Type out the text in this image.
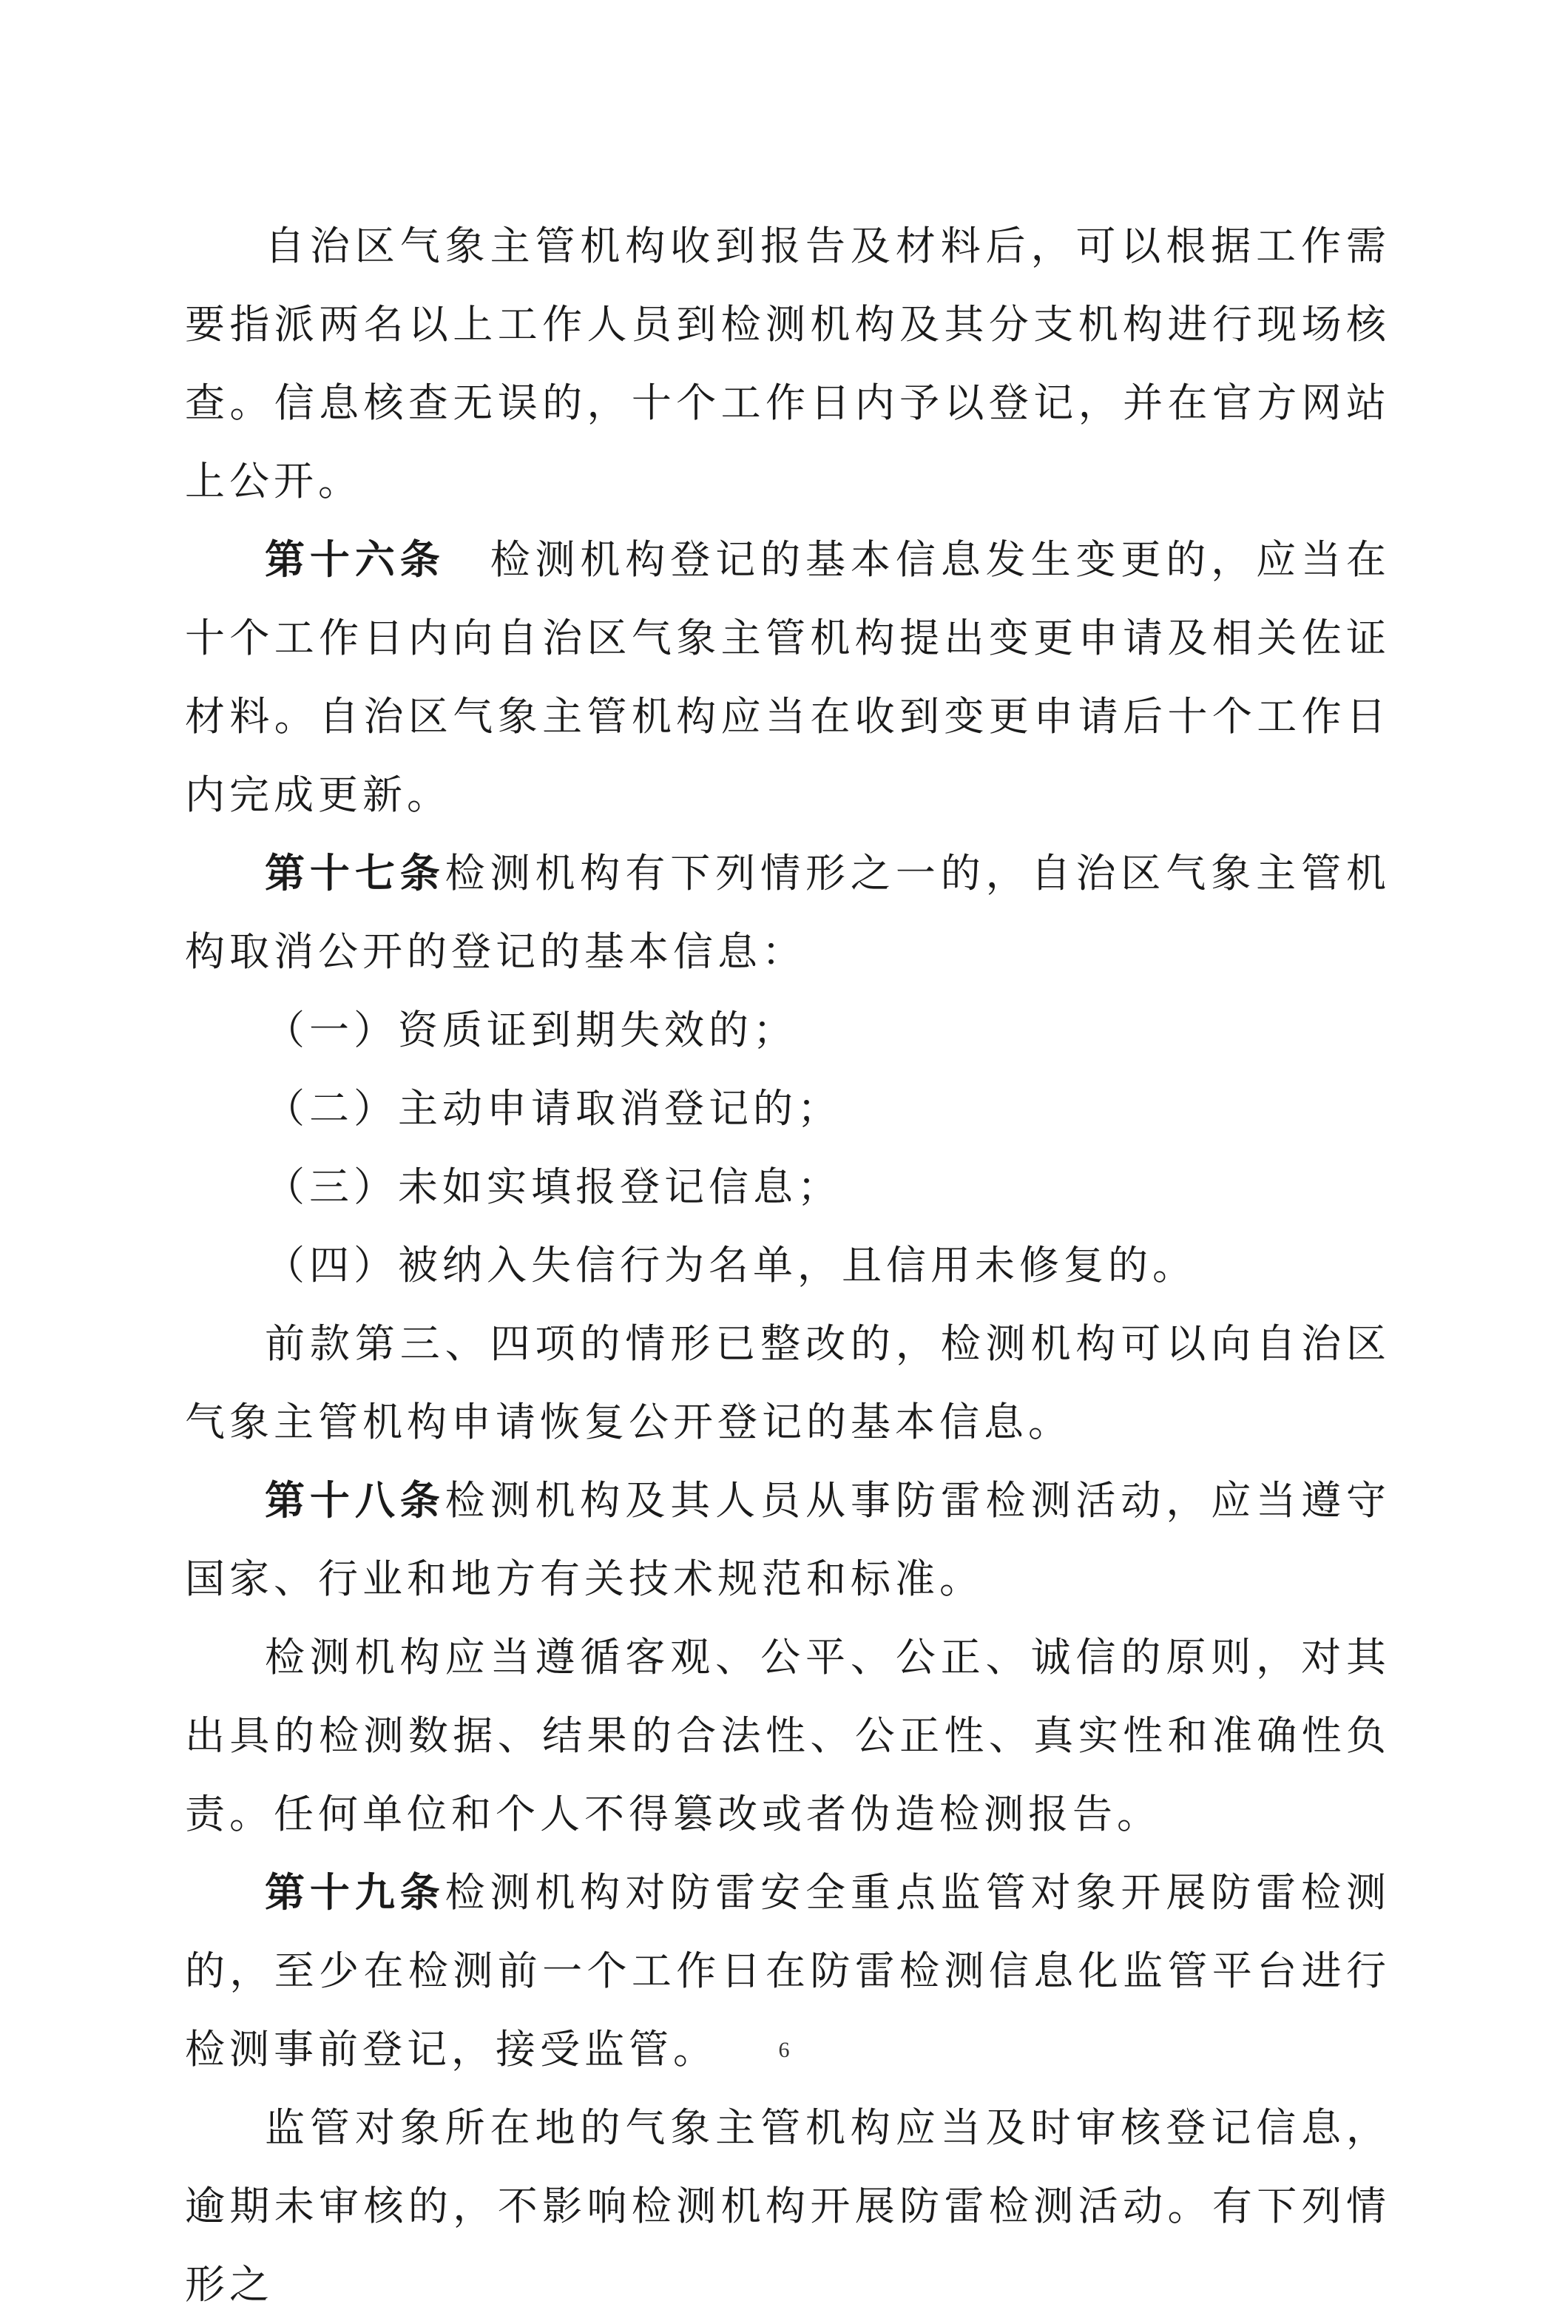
自治区气象主管机构收到报告及材料后，可以根据工作需要指派两名以上工作人员到检测机构及其分支机构进行现场核查。信息核查无误的，十个工作日内予以登记，并在官方网站上公开。

第十六条　检测机构登记的基本信息发生变更的，应当在十个工作日内向自治区气象主管机构提出变更申请及相关佐证材料。自治区气象主管机构应当在收到变更申请后十个工作日内完成更新。

第十七条检测机构有下列情形之一的，自治区气象主管机构取消公开的登记的基本信息：

（一）资质证到期失效的；

（二）主动申请取消登记的；

（三）未如实填报登记信息；

（四）被纳入失信行为名单，且信用未修复的。

前款第三、四项的情形已整改的，检测机构可以向自治区气象主管机构申请恢复公开登记的基本信息。

第十八条检测机构及其人员从事防雷检测活动，应当遵守国家、行业和地方有关技术规范和标准。

检测机构应当遵循客观、公平、公正、诚信的原则，对其出具的检测数据、结果的合法性、公正性、真实性和准确性负责。任何单位和个人不得篡改或者伪造检测报告。

第十九条检测机构对防雷安全重点监管对象开展防雷检测的，至少在检测前一个工作日在防雷检测信息化监管平台进行检测事前登记，接受监管。

监管对象所在地的气象主管机构应当及时审核登记信息，逾期未审核的，不影响检测机构开展防雷检测活动。有下列情形之

6
